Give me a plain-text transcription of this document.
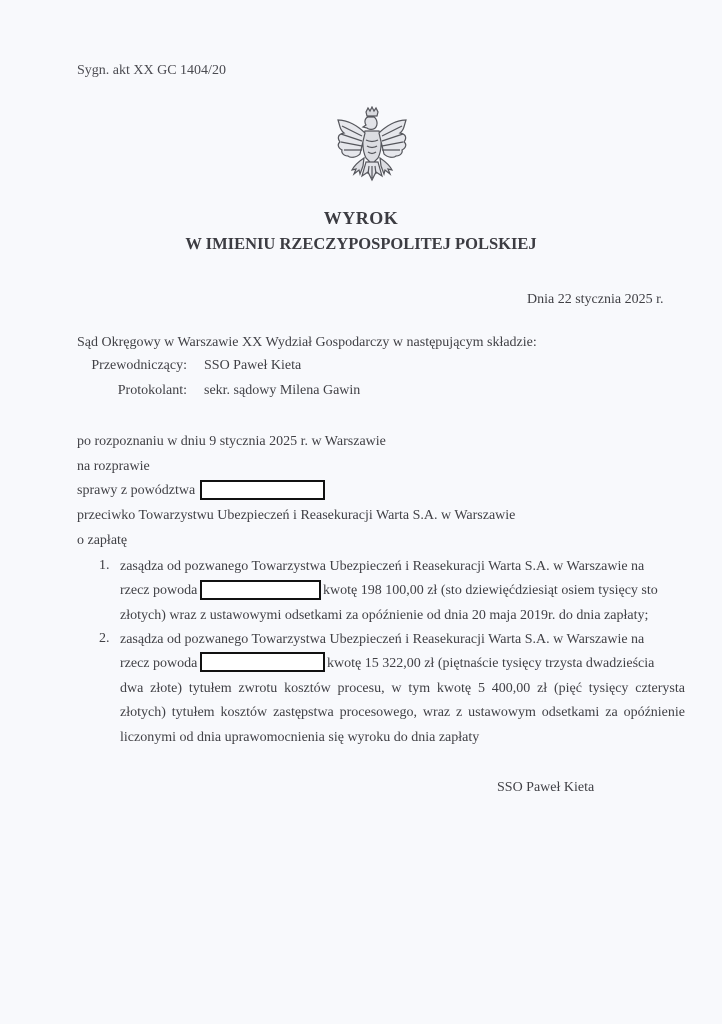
Sygn. akt XX GC 1404/20
WYROK
W IMIENIU RZECZYPOSPOLITEJ POLSKIEJ
Dnia 22 stycznia 2025 r.
Sąd Okręgowy w Warszawie XX Wydział Gospodarczy w następującym składzie:
Przewodniczący: SSO Paweł Kieta
Protokolant: sekr. sądowy Milena Gawin
po rozpoznaniu w dniu 9 stycznia 2025 r. w Warszawie
na rozprawie
sprawy z powództwa
przeciwko Towarzystwu Ubezpieczeń i Reasekuracji Warta S.A. w Warszawie
o zapłatę
1. zasądza od pozwanego Towarzystwa Ubezpieczeń i Reasekuracji Warta S.A. w Warszawie na
rzecz powoda	kwotę 198 100,00 zł (sto dziewięćdziesiąt osiem tysięcy sto
złotych) wraz z ustawowymi odsetkami za opóźnienie od dnia 20 maja 2019r. do dnia zapłaty;
2. zasądza od pozwanego Towarzystwa Ubezpieczeń i Reasekuracji Warta S.A. w Warszawie na
rzecz powoda	kwotę 15 322,00 zł (piętnaście tysięcy trzysta dwadzieścia
dwa złote) tytułem zwrotu kosztów procesu, w tym kwotę 5 400,00 zł (pięć tysięcy czterysta
złotych) tytułem kosztów zastępstwa procesowego, wraz z ustawowym odsetkami za opóźnienie
liczonymi od dnia uprawomocnienia się wyroku do dnia zapłaty
SSO Paweł Kieta
